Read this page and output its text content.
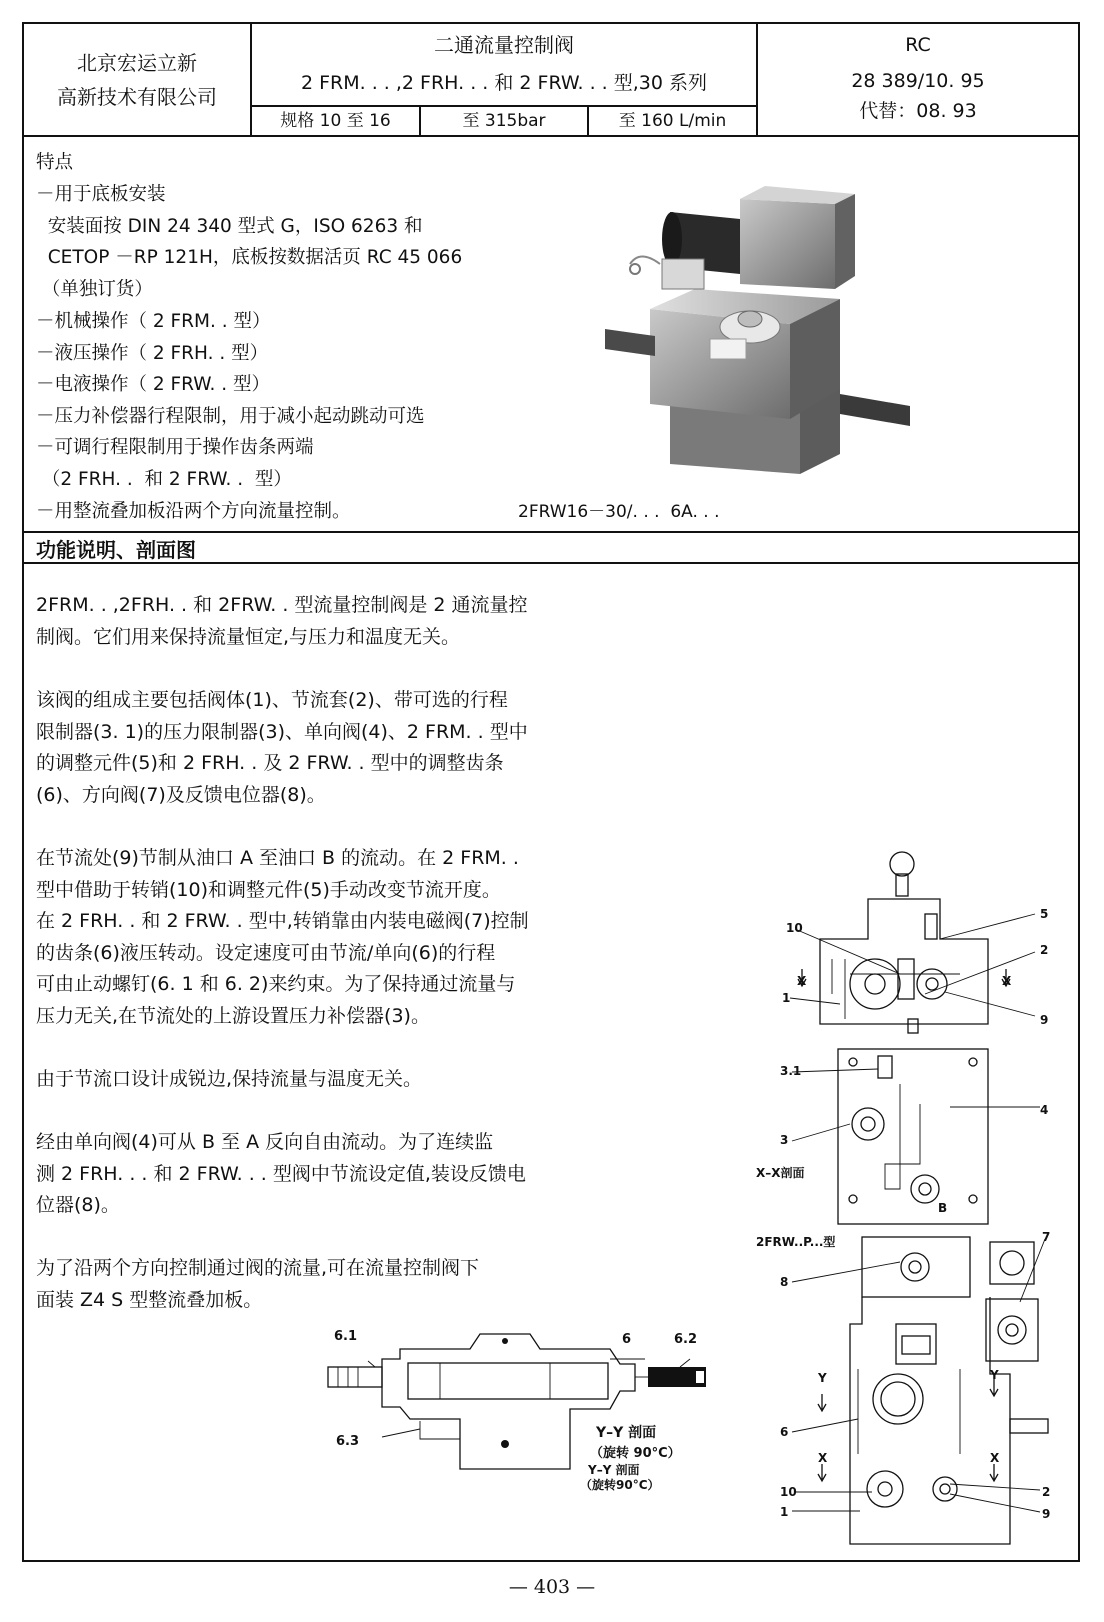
北京宏运立新
高新技术有限公司
二通流量控制阀
2 FRM. . . ,2 FRH. . . 和 2 FRW. . . 型,30 系列
规格 10 至 16	至 315bar	至 160 L/min
RC
28 389/10. 95
代替：08. 93
特点
－用于底板安装
安装面按 DIN 24 340 型式 G，ISO 6263 和
CETOP －RP 121H，底板按数据活页 RC 45 066
（单独订货）
－机械操作（ 2 FRM. . 型）
－液压操作（ 2 FRH. . 型）
－电液操作（ 2 FRW. . 型）
－压力补偿器行程限制，用于减小起动跳动可选
－可调行程限制用于操作齿条两端
（2 FRH. .  和 2 FRW. .  型）
－用整流叠加板沿两个方向流量控制。	2FRW16－30/. . .  6A. . .
功能说明、剖面图
2FRM. . ,2FRH. . 和 2FRW. . 型流量控制阀是 2 通流量控
制阀。它们用来保持流量恒定,与压力和温度无关。
该阀的组成主要包括阀体(1)、节流套(2)、带可选的行程
限制器(3. 1)的压力限制器(3)、单向阀(4)、2 FRM. . 型中
的调整元件(5)和 2 FRH. . 及 2 FRW. . 型中的调整齿条
(6)、方向阀(7)及反馈电位器(8)。
在节流处(9)节制从油口 A 至油口 B 的流动。在 2 FRM. .
型中借助于转销(10)和调整元件(5)手动改变节流开度。
在 2 FRH. . 和 2 FRW. . 型中,转销靠由内装电磁阀(7)控制
的齿条(6)液压转动。设定速度可由节流/单向(6)的行程
可由止动螺钉(6. 1 和 6. 2)来约束。为了保持通过流量与
压力无关,在节流处的上游设置压力补偿器(3)。
由于节流口设计成锐边,保持流量与温度无关。
经由单向阀(4)可从 B 至 A 反向自由流动。为了连续监
测 2 FRH. . . 和 2 FRW. . . 型阀中节流设定值,装设反馈电
位器(8)。
为了沿两个方向控制通过阀的流量,可在流量控制阀下
面装 Z4 S 型整流叠加板。
5
10
2
X	X
1
9
3.1
4
3
X–X剖面
B
2FRW..P...型	7
8
Y	Y
6
X	X
10	2
1	9
6.1	6	6.2
6.3
Y–Y 剖面
（旋转 90°C）
Y–Y 剖面
（旋转90°C）
— 403 —
